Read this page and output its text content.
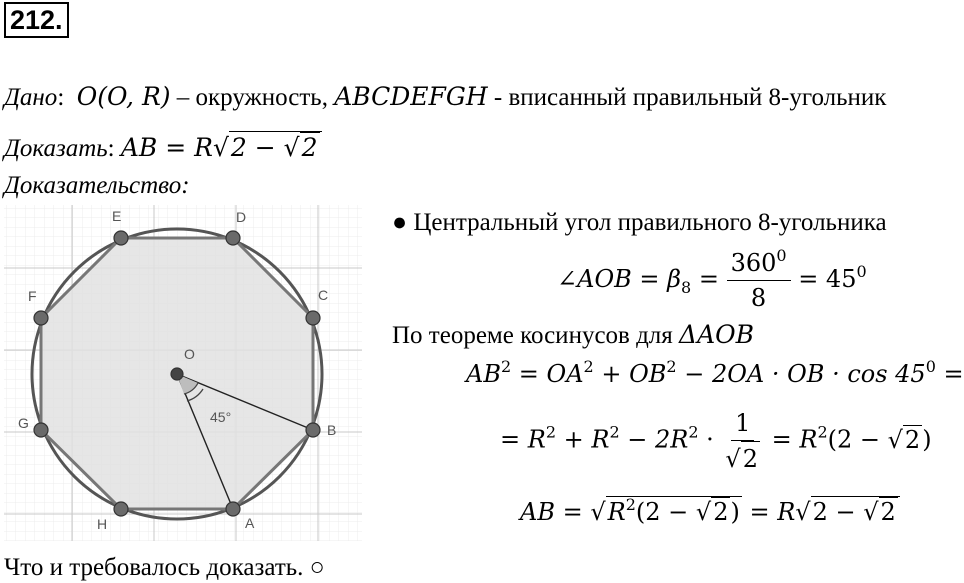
212.
Дано: O(O, R) – окружность, ABCDEFGH - вписанный правильный 8-угольник
Доказать: AB = R√2 − √2
Доказательство:
E	D
C
B
A
H
G
F
O
45°
● Центральный угол правильного 8-угольника
∠AOB = $\beta_8 = \frac{360^0}{8} = 45^0$
По теореме косинусов для ΔAOB
$AB^2 = OA^2 + OB^2 - 2OA$ · OB · $\cos 45^0$ =
= $R^2 + R^2 - 2R^2 \cdot \frac{1}{√2} = R^2(2 - √2)$
AB = $√R^2(2 - √2) = R√2 - √2$
Что и требовалось доказать. ○
